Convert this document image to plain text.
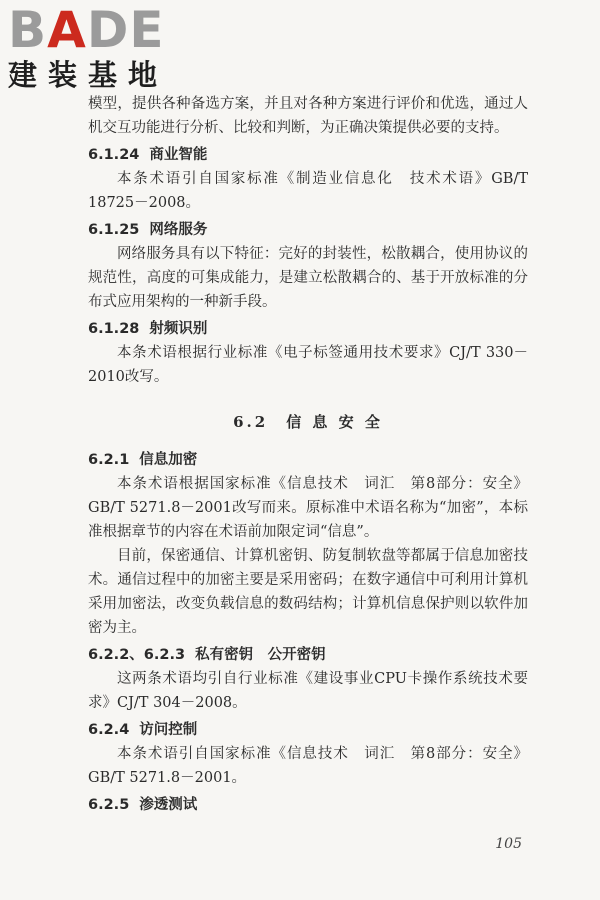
BADE
建装基地

模型，提供各种备选方案，并且对各种方案进行评价和优选，通过人机交互功能进行分析、比较和判断，为正确决策提供必要的支持。

6.1.24 商业智能

本条术语引自国家标准《制造业信息化　技术术语》GB/T 18725－2008。

6.1.25 网络服务

网络服务具有以下特征：完好的封装性，松散耦合，使用协议的规范性，高度的可集成能力，是建立松散耦合的、基于开放标准的分布式应用架构的一种新手段。

6.1.28 射频识别

本条术语根据行业标准《电子标签通用技术要求》CJ/T 330－2010改写。

6.2　信 息 安 全
6.2.1 信息加密

本条术语根据国家标准《信息技术　词汇　第8部分：安全》GB/T 5271.8－2001改写而来。原标准中术语名称为“加密”，本标准根据章节的内容在术语前加限定词“信息”。

目前，保密通信、计算机密钥、防复制软盘等都属于信息加密技术。通信过程中的加密主要是采用密码；在数字通信中可利用计算机采用加密法，改变负载信息的数码结构；计算机信息保护则以软件加密为主。

6.2.2、6.2.3 私有密钥　公开密钥

这两条术语均引自行业标准《建设事业CPU卡操作系统技术要求》CJ/T 304－2008。

6.2.4 访问控制

本条术语引自国家标准《信息技术　词汇　第8部分：安全》GB/T 5271.8－2001。

6.2.5 渗透测试
105
